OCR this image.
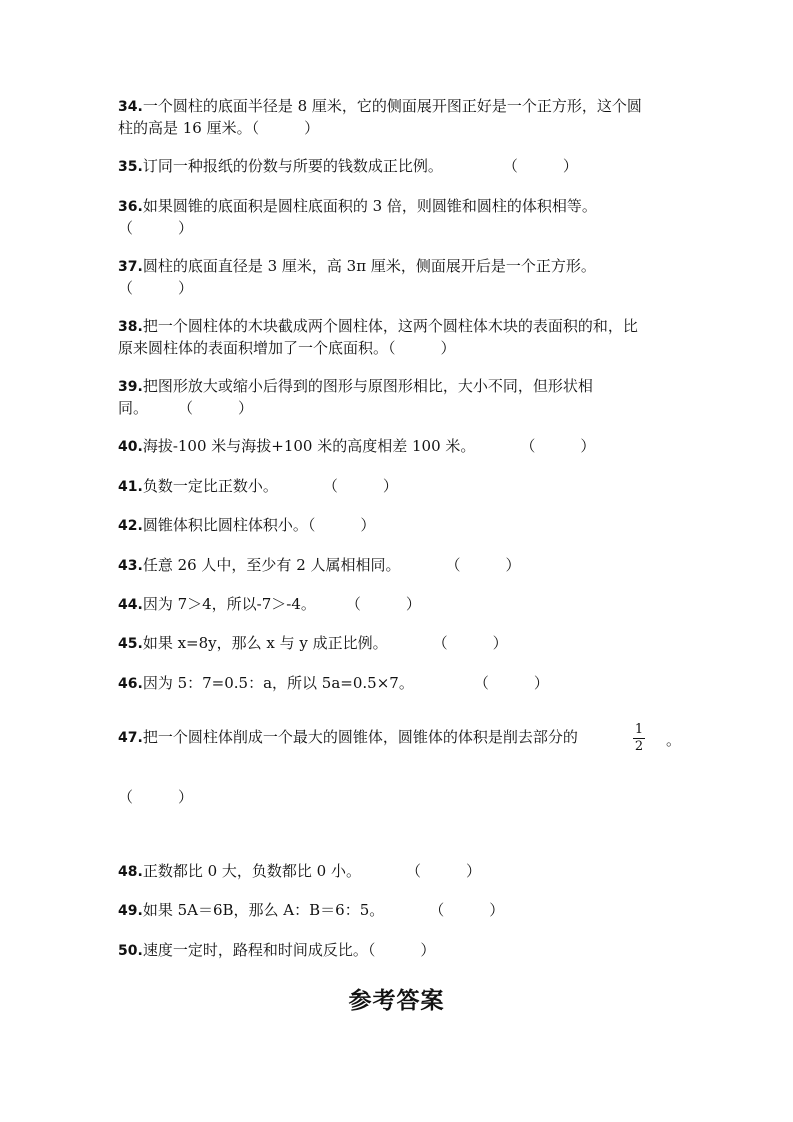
34.一个圆柱的底面半径是 8 厘米，它的侧面展开图正好是一个正方形，这个圆
柱的高是 16 厘米。（　　　）
35.订同一种报纸的份数与所要的钱数成正比例。　　　　　（　　　）
36.如果圆锥的底面积是圆柱底面积的 3 倍，则圆锥和圆柱的体积相等。
（　　　）
37.圆柱的底面直径是 3 厘米，高 3π 厘米，侧面展开后是一个正方形。
（　　　）
38.把一个圆柱体的木块截成两个圆柱体，这两个圆柱体木块的表面积的和，比
原来圆柱体的表面积增加了一个底面积。（　　　）
39.把图形放大或缩小后得到的图形与原图形相比，大小不同，但形状相
同。　　　（　　　）
40.海拔-100 米与海拔+100 米的高度相差 100 米。　　　　（　　　）
41.负数一定比正数小。　　　　（　　　）
42.圆锥体积比圆柱体积小。（　　　）
43.任意 26 人中，至少有 2 人属相相同。　　　　（　　　）
44.因为 7＞4，所以-7＞-4。　　　（　　　）
45.如果 x=8y，那么 x 与 y 成正比例。　　　　（　　　）
46.因为 5：7=0.5：a，所以 5a=0.5×7。　　　　　（　　　）
47.把一个圆柱体削成一个最大的圆锥体，圆锥体的体积是削去部分的	1
2 。
（　　　）
48.正数都比 0 大，负数都比 0 小。　　　　（　　　）
49.如果 5A＝6B，那么 A：B＝6：5。　　　　（　　　）
50.速度一定时，路程和时间成反比。（　　　）
参考答案
